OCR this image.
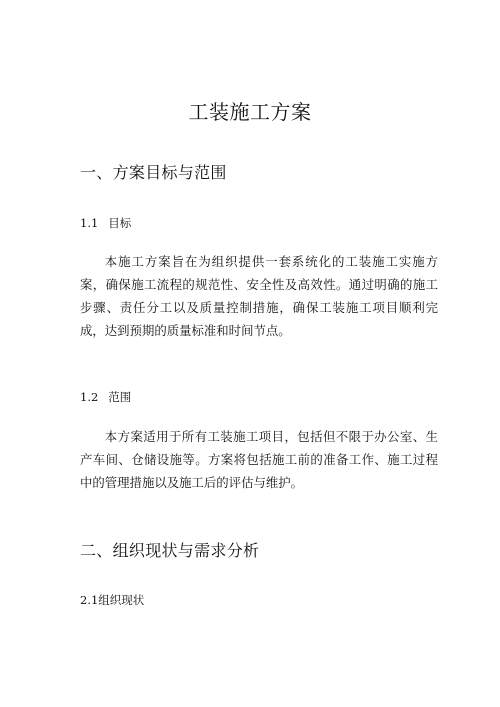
工装施工方案
一、方案目标与范围
1.1 目标

本施工方案旨在为组织提供一套系统化的工装施工实施方案，确保施工流程的规范性、安全性及高效性。通过明确的施工步骤、责任分工以及质量控制措施，确保工装施工项目顺利完成，达到预期的质量标准和时间节点。

1.2 范围

本方案适用于所有工装施工项目，包括但不限于办公室、生产车间、仓储设施等。方案将包括施工前的准备工作、施工过程中的管理措施以及施工后的评估与维护。

二、组织现状与需求分析
2.1组织现状
